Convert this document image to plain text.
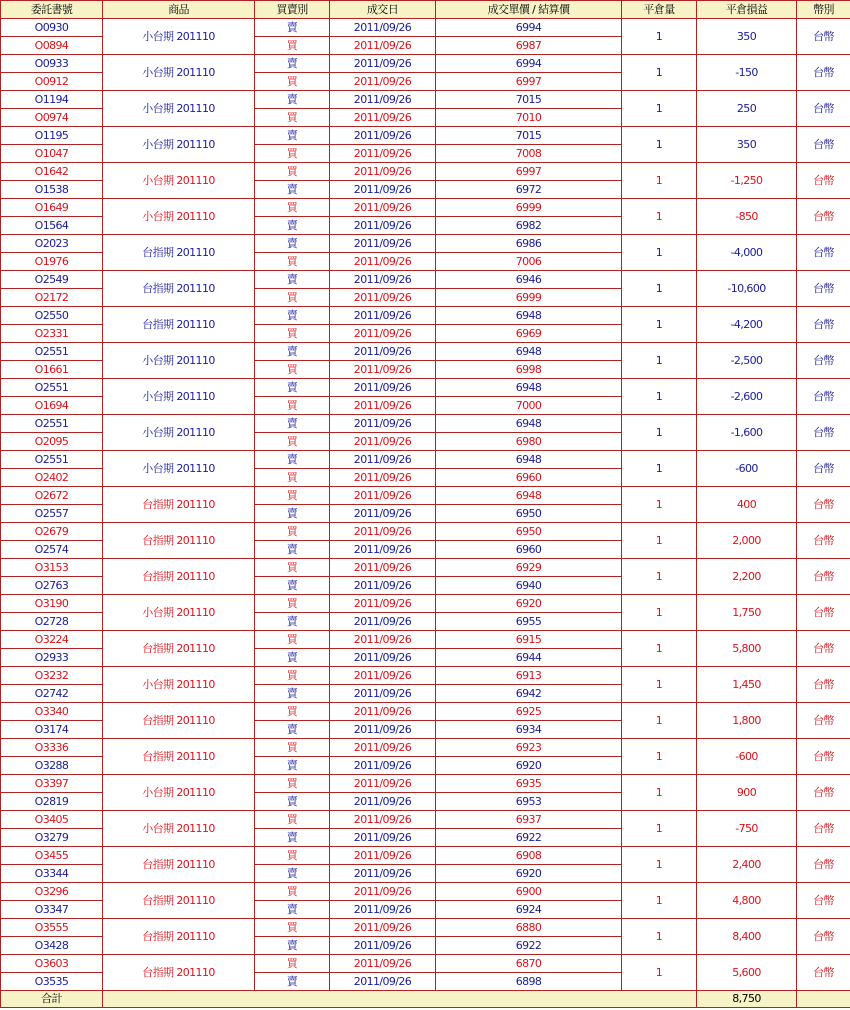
委託書號	商品	買賣別	成交日	成交單價 / 結算價	平倉量	平倉損益	幣別
O0930	小台期 201110	賣	2011/09/26	6994	1	350	台幣
O0894		買	2011/09/26	6987			
O0933	小台期 201110	賣	2011/09/26	6994	1	-150	台幣
O0912		買	2011/09/26	6997			
O1194	小台期 201110	賣	2011/09/26	7015	1	250	台幣
O0974		買	2011/09/26	7010			
O1195	小台期 201110	賣	2011/09/26	7015	1	350	台幣
O1047		買	2011/09/26	7008			
O1642	小台期 201110	買	2011/09/26	6997	1	-1,250	台幣
O1538		賣	2011/09/26	6972			
O1649	小台期 201110	買	2011/09/26	6999	1	-850	台幣
O1564		賣	2011/09/26	6982			
O2023	台指期 201110	賣	2011/09/26	6986	1	-4,000	台幣
O1976		買	2011/09/26	7006			
O2549	台指期 201110	賣	2011/09/26	6946	1	-10,600	台幣
O2172		買	2011/09/26	6999			
O2550	台指期 201110	賣	2011/09/26	6948	1	-4,200	台幣
O2331		買	2011/09/26	6969			
O2551	小台期 201110	賣	2011/09/26	6948	1	-2,500	台幣
O1661		買	2011/09/26	6998			
O2551	小台期 201110	賣	2011/09/26	6948	1	-2,600	台幣
O1694		買	2011/09/26	7000			
O2551	小台期 201110	賣	2011/09/26	6948	1	-1,600	台幣
O2095		買	2011/09/26	6980			
O2551	小台期 201110	賣	2011/09/26	6948	1	-600	台幣
O2402		買	2011/09/26	6960			
O2672	台指期 201110	買	2011/09/26	6948	1	400	台幣
O2557		賣	2011/09/26	6950			
O2679	台指期 201110	買	2011/09/26	6950	1	2,000	台幣
O2574		賣	2011/09/26	6960			
O3153	台指期 201110	買	2011/09/26	6929	1	2,200	台幣
O2763		賣	2011/09/26	6940			
O3190	小台期 201110	買	2011/09/26	6920	1	1,750	台幣
O2728		賣	2011/09/26	6955			
O3224	台指期 201110	買	2011/09/26	6915	1	5,800	台幣
O2933		賣	2011/09/26	6944			
O3232	小台期 201110	買	2011/09/26	6913	1	1,450	台幣
O2742		賣	2011/09/26	6942			
O3340	台指期 201110	買	2011/09/26	6925	1	1,800	台幣
O3174		賣	2011/09/26	6934			
O3336	台指期 201110	買	2011/09/26	6923	1	-600	台幣
O3288		賣	2011/09/26	6920			
O3397	小台期 201110	買	2011/09/26	6935	1	900	台幣
O2819		賣	2011/09/26	6953			
O3405	小台期 201110	買	2011/09/26	6937	1	-750	台幣
O3279		賣	2011/09/26	6922			
O3455	台指期 201110	買	2011/09/26	6908	1	2,400	台幣
O3344		賣	2011/09/26	6920			
O3296	台指期 201110	買	2011/09/26	6900	1	4,800	台幣
O3347		賣	2011/09/26	6924			
O3555	台指期 201110	買	2011/09/26	6880	1	8,400	台幣
O3428		賣	2011/09/26	6922			
O3603	台指期 201110	買	2011/09/26	6870	1	5,600	台幣
O3535		賣	2011/09/26	6898			
合計						8,750	
